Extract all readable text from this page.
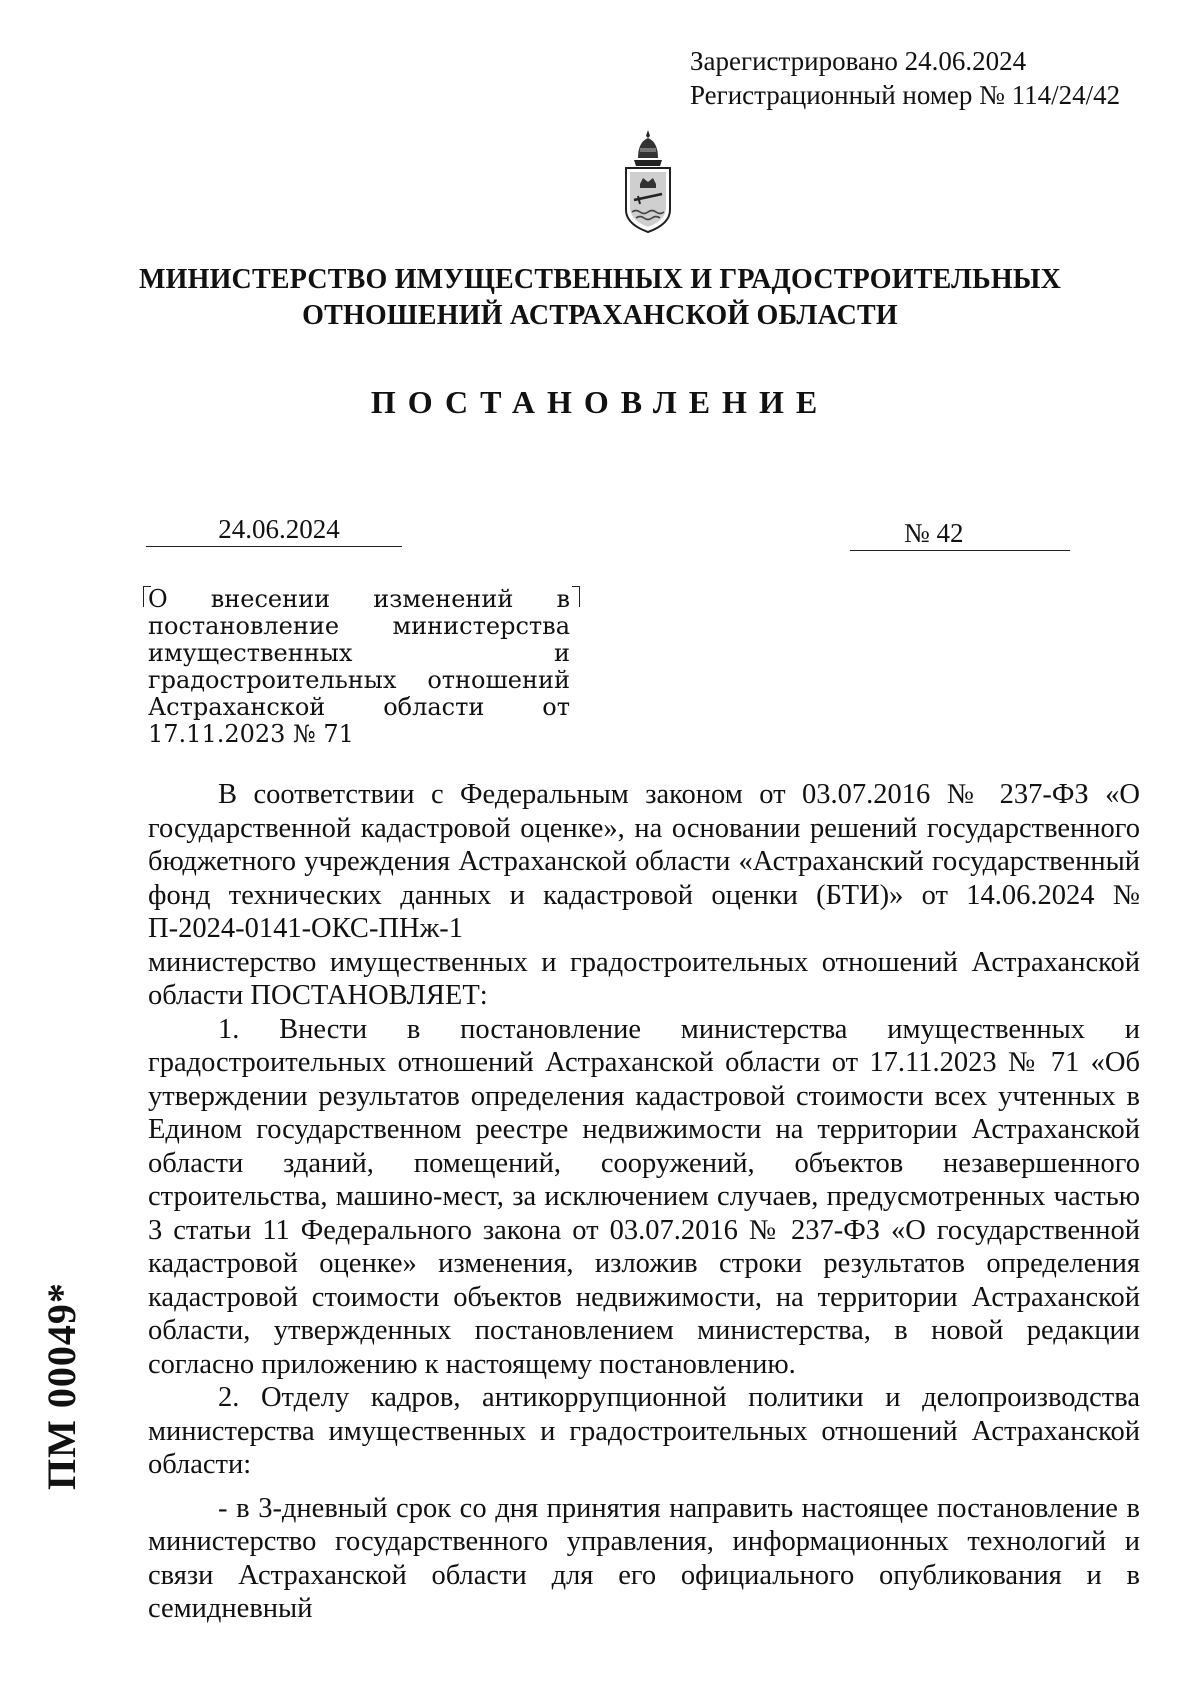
Зарегистрировано 24.06.2024
Регистрационный номер № 114/24/42
МИНИСТЕРСТВО ИМУЩЕСТВЕННЫХ И ГРАДОСТРОИТЕЛЬНЫХ
ОТНОШЕНИЙ АСТРАХАНСКОЙ ОБЛАСТИ
ПОСТАНОВЛЕНИЕ
24.06.2024	№ 42
О внесении изменений в постановление министерства имущественных и градостроительных отношений Астраханской области от 17.11.2023 № 71

В соответствии с Федеральным законом от 03.07.2016 № 237-ФЗ «О государственной кадастровой оценке», на основании решений государственного бюджетного учреждения Астраханской области «Астраханский государственный фонд технических данных и кадастровой оценки (БТИ)» от 14.06.2024 № П-2024-0141-ОКС-ПНж-1

министерство имущественных и градостроительных отношений Астраханской области ПОСТАНОВЛЯЕТ:

1. Внести в постановление министерства имущественных и градостроительных отношений Астраханской области от 17.11.2023 № 71 «Об утверждении результатов определения кадастровой стоимости всех учтенных в Едином государственном реестре недвижимости на территории Астраханской области зданий, помещений, сооружений, объектов незавершенного строительства, машино-мест, за исключением случаев, предусмотренных частью 3 статьи 11 Федерального закона от 03.07.2016 № 237-ФЗ «О государственной кадастровой оценке» изменения, изложив строки результатов определения кадастровой стоимости объектов недвижимости, на территории Астраханской области, утвержденных постановлением министерства, в новой редакции согласно приложению к настоящему постановлению.

2. Отделу кадров, антикоррупционной политики и делопроизводства министерства имущественных и градостроительных отношений Астраханской области:

- в 3-дневный срок со дня принятия направить настоящее постановление в министерство государственного управления, информационных технологий и связи Астраханской области для его официального опубликования и в семидневный

ПМ 00049*
